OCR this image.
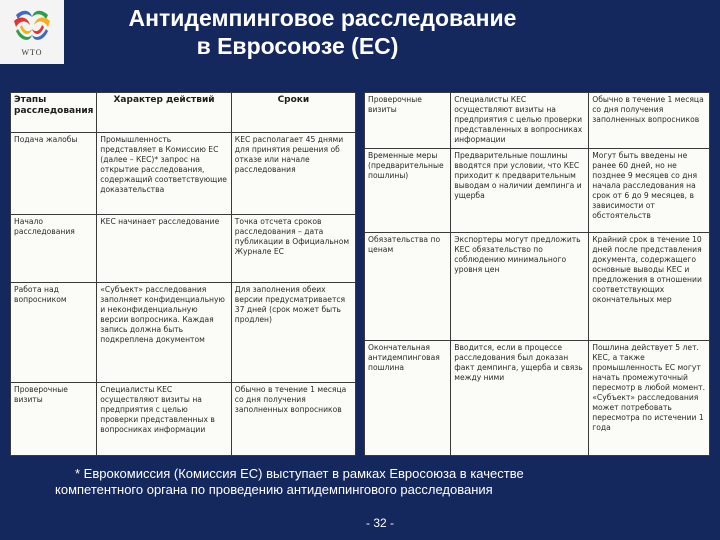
WTO
Антидемпинговое расследование
в Евросоюзе (ЕС)
Этапы расследования	Характер действий	Сроки
Подача жалобы	Промышленность представляет в Комиссию ЕС (далее – КЕС)* запрос на открытие расследования, содержащий соответствующие доказательства	КЕС располагает 45 днями для принятия решения об отказе или начале расследования
Начало расследования	КЕС начинает расследование	Точка отсчета сроков расследования – дата публикации в Официальном Журнале ЕС
Работа над вопросником	«Субъект» расследования заполняет конфиденциальную и неконфиденциальную версии вопросника. Каждая запись должна быть подкреплена документом	Для заполнения обеих версии предусматривается 37 дней (срок может быть продлен)
Проверочные визиты	Специалисты КЕС осуществляют визиты на предприятия с целью проверки представленных в вопросниках информации	Обычно в течение 1 месяца со дня получения заполненных вопросников
Проверочные визиты	Специалисты КЕС осуществляют визиты на предприятия с целью проверки представленных в вопросниках информации	Обычно в течение 1 месяца со дня получения заполненных вопросников
Временные меры (предварительные пошлины)	Предварительные пошлины вводятся при условии, что КЕС приходит к предварительным выводам о наличии демпинга и ущерба	Могут быть введены не ранее 60 дней, но не позднее 9 месяцев со дня начала расследования на срок от 6 до 9 месяцев, в зависимости от обстоятельств
Обязательства по ценам	Экспортеры могут предложить КЕС обязательство по соблюдению минимального уровня цен	Крайний срок в течение 10 дней после представления документа, содержащего основные выводы КЕС и предложения в отношении соответствующих окончательных мер
Окончательная антидемпинговая пошлина	Вводится, если в процессе расследования был доказан факт демпинга, ущерба и связь между ними	Пошлина действует 5 лет. КЕС, а также промышленность ЕС могут начать промежуточный пересмотр в любой момент. «Субъект» расследования может потребовать пересмотра по истечении 1 года
* Еврокомиссия (Комиссия ЕС) выступает в рамках Евросоюза в качестве
компетентного органа по проведению антидемпингового расследования
- 32 -
